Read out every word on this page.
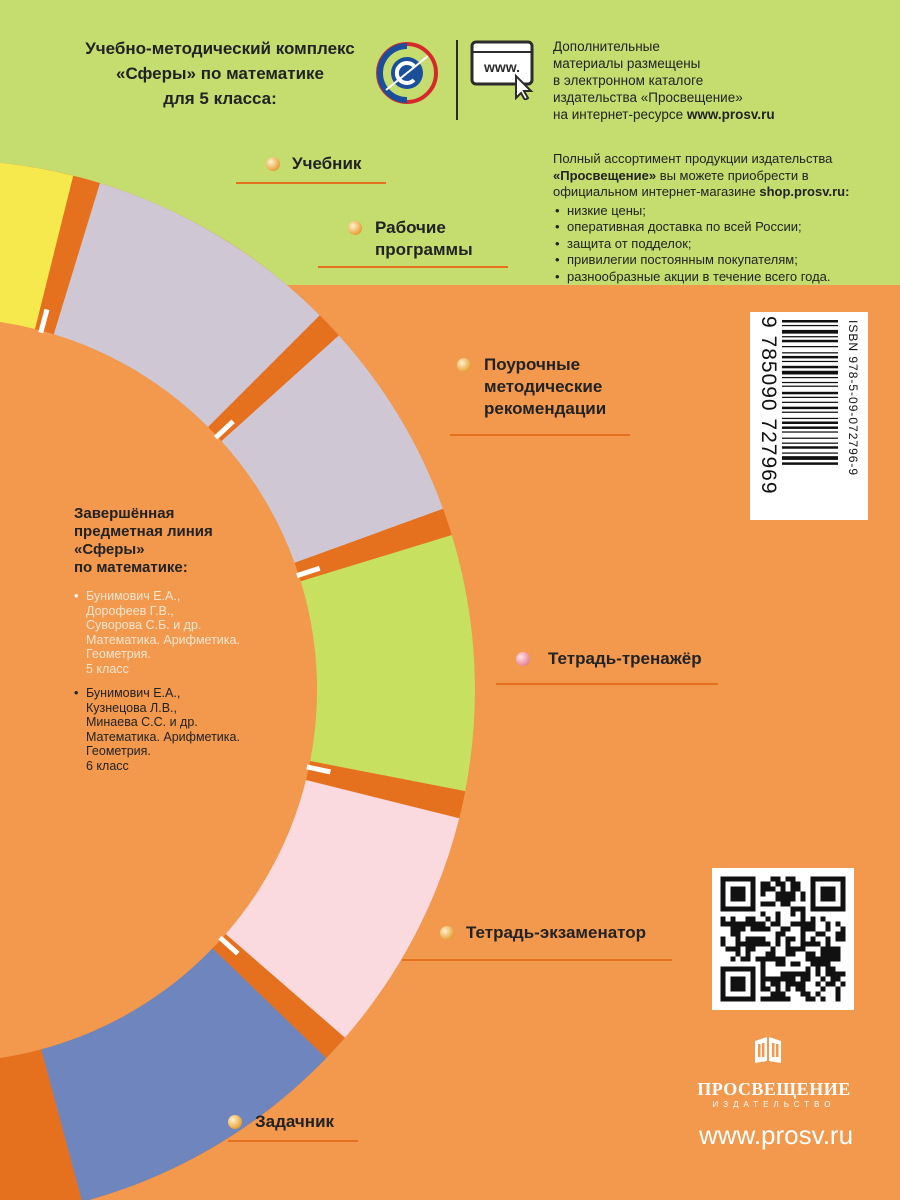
Учебно-методический комплекс
«Сферы» по математике
для 5 класса:
www.
Дополнительные
материалы размещены
в электронном каталоге
издательства «Просвещение»
на интернет-ресурсе www.prosv.ru
Полный ассортимент продукции издательства
«Просвещение» вы можете приобрести в
официальном интернет-магазине shop.prosv.ru:
• низкие цены;
• оперативная доставка по всей России;
• защита от подделок;
• привилегии постоянным покупателям;
• разнообразные акции в течение всего года.
Учебник
Рабочие
программы
Поурочные
методические
рекомендации
Тетрадь-тренажёр
Тетрадь-экзаменатор
Задачник
Завершённая
предметная линия
«Сферы»
по математике:
• Бунимович Е.А.,
Дорофеев Г.В.,
Суворова С.Б. и др.
Математика. Арифметика.
Геометрия.
5 класс
• Бунимович Е.А.,
Кузнецова Л.В.,
Минаева С.С. и др.
Математика. Арифметика.
Геометрия.
6 класс
ISBN 978-5-09-072796-9
9 785090 727969
ПРОСВЕЩЕНИЕ
ИЗДАТЕЛЬСТВО
www.prosv.ru
